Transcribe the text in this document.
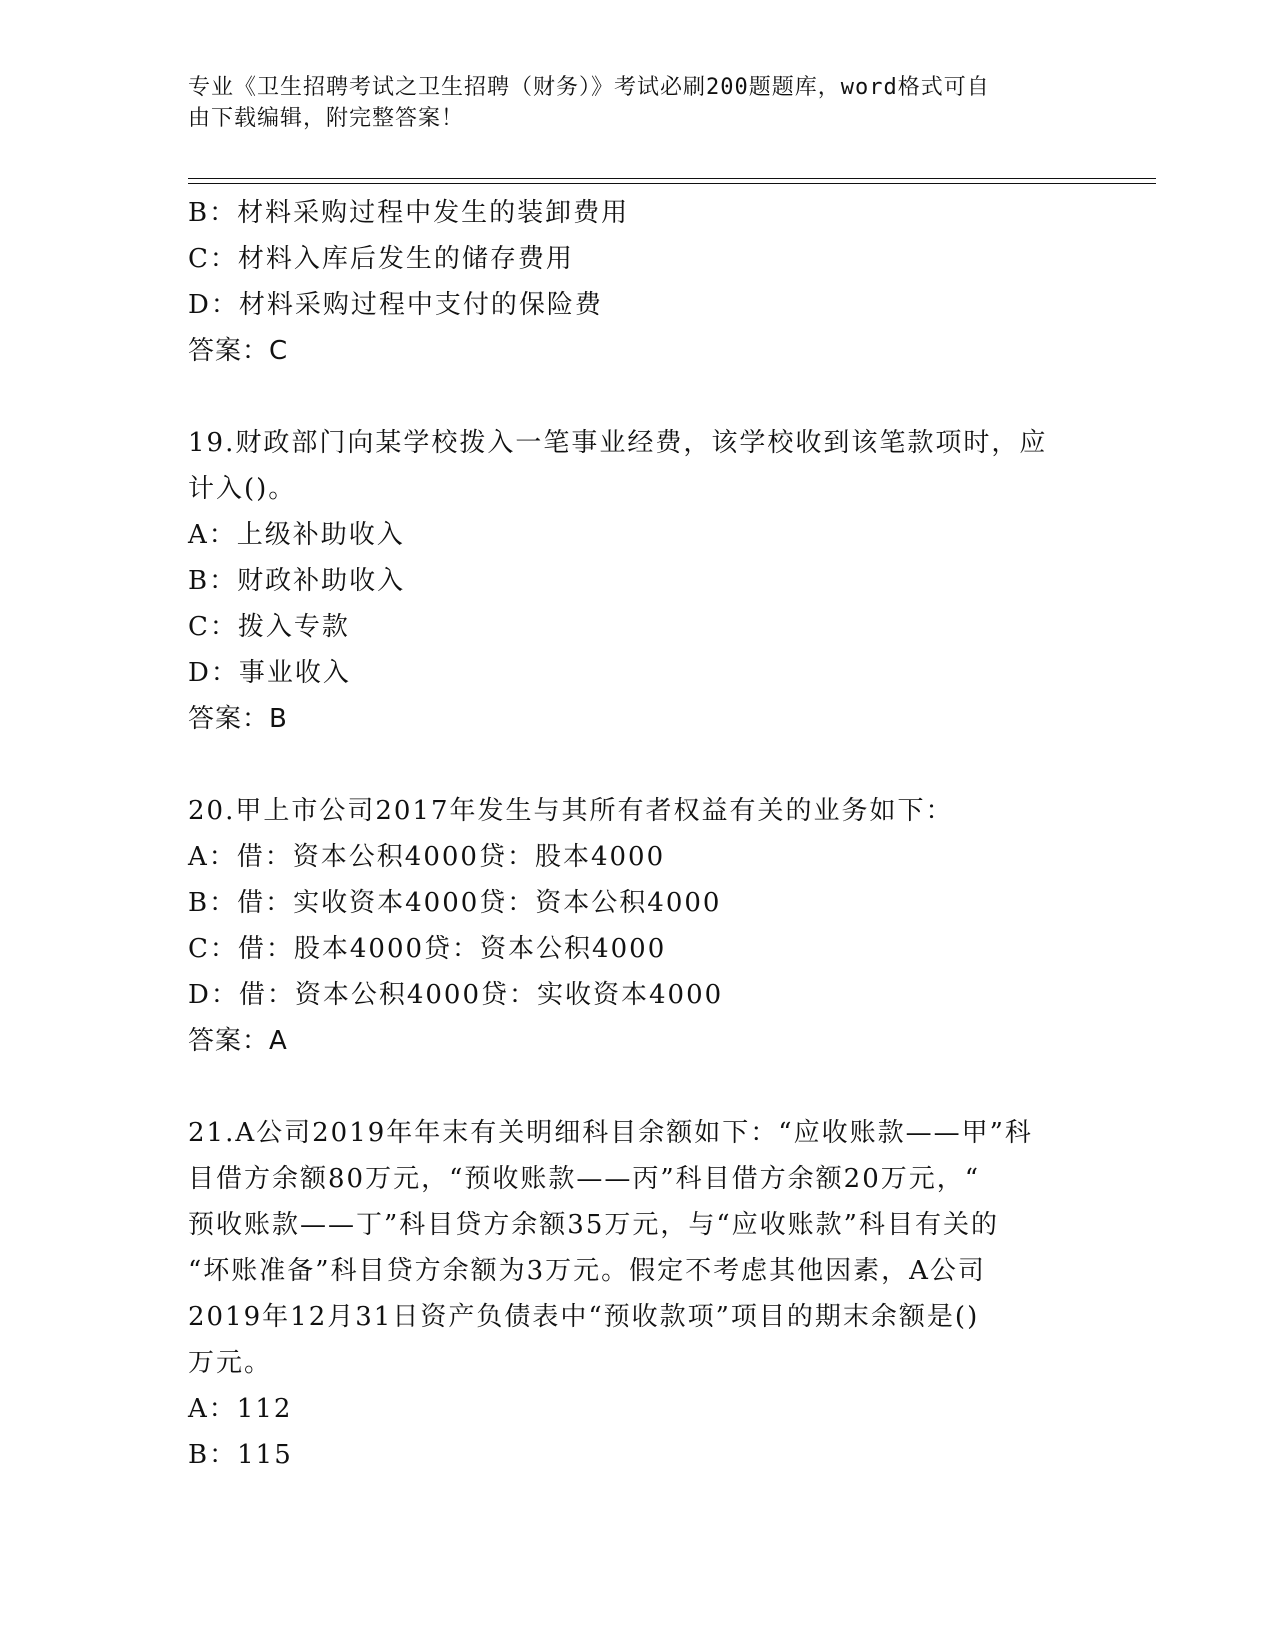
专业《卫生招聘考试之卫生招聘（财务）》考试必刷200题题库，word格式可自
由下载编辑，附完整答案！
B：材料采购过程中发生的装卸费用
C：材料入库后发生的储存费用
D：材料采购过程中支付的保险费
答案：C
19.财政部门向某学校拨入一笔事业经费，该学校收到该笔款项时，应
计入()。
A：上级补助收入
B：财政补助收入
C：拨入专款
D：事业收入
答案：B
20.甲上市公司2017年发生与其所有者权益有关的业务如下：
A：借：资本公积4000贷：股本4000
B：借：实收资本4000贷：资本公积4000
C：借：股本4000贷：资本公积4000
D：借：资本公积4000贷：实收资本4000
答案：A
21.A公司2019年年末有关明细科目余额如下：“应收账款——甲”科
目借方余额80万元，“预收账款——丙”科目借方余额20万元，“
预收账款——丁”科目贷方余额35万元，与“应收账款”科目有关的
“坏账准备”科目贷方余额为3万元。假定不考虑其他因素，A公司
2019年12月31日资产负债表中“预收款项”项目的期末余额是()
万元。
A：112
B：115
